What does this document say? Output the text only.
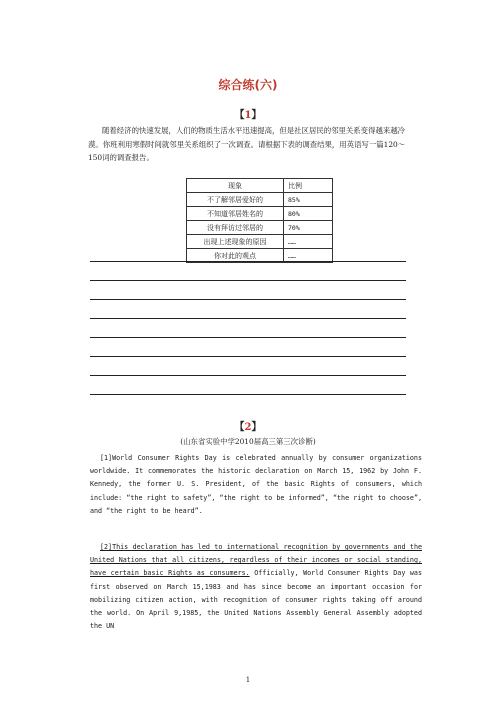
综合练(六)
【1】
随着经济的快速发展，人们的物质生活水平迅速提高，但是社区居民的邻里关系变得越来越冷漠。你班利用寒假时间就邻里关系组织了一次调查。请根据下表的调查结果，用英语写一篇120～150词的调查报告。
现象	比例
不了解邻居爱好的	85%
不知道邻居姓名的	80%
没有拜访过邻居的	70%
出现上述现象的原因	……
你对此的观点	……
【2】
(山东省实验中学2010届高三第三次诊断)
[1]World Consumer Rights Day is celebrated annually by consumer organizations worldwide. It commemorates the historic declaration on March 15, 1962 by John F. Kennedy, the former U. S. President, of the basic Rights of consumers, which include: “the right to safety”, “the right to be informed”, “the right to choose”, and “the right to be heard”.
[2]This declaration has led to international recognition by governments and the United Nations that all citizens, regardless of their incomes or social standing, have certain basic Rights as consumers. Officially, World Consumer Rights Day was first observed on March 15,1983 and has since become an important occasion for mobilizing citizen action, with recognition of consumer rights taking off around the world. On April 9,1985, the United Nations Assembly General Assembly adopted the UN
1
